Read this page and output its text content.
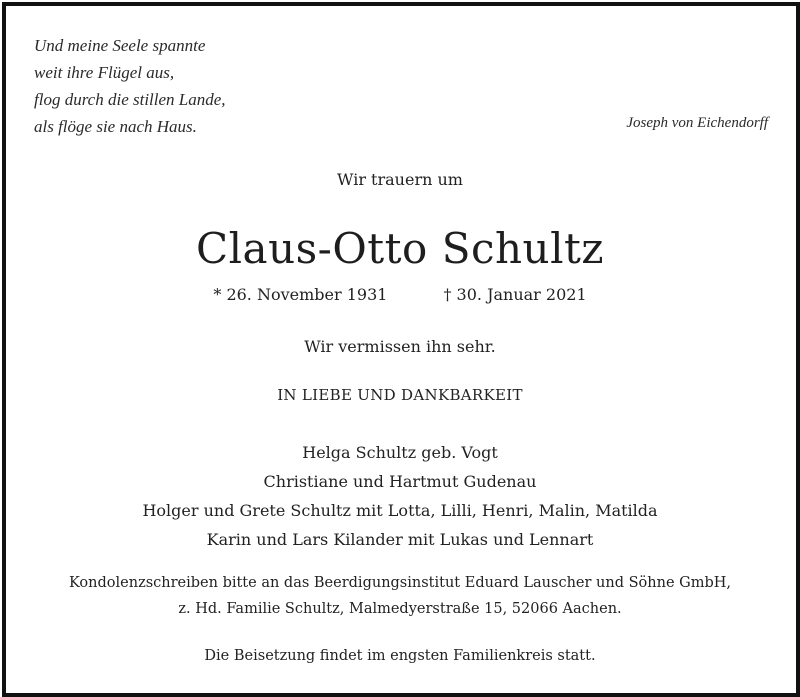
Und meine Seele spannte
weit ihre Flügel aus,
flog durch die stillen Lande,
als flöge sie nach Haus.	Joseph von Eichendorff
Wir trauern um
Claus-Otto Schultz
* 26. November 1931	† 30. Januar 2021
Wir vermissen ihn sehr.
IN LIEBE UND DANKBARKEIT
Helga Schultz geb. Vogt
Christiane und Hartmut Gudenau
Holger und Grete Schultz mit Lotta, Lilli, Henri, Malin, Matilda
Karin und Lars Kilander mit Lukas und Lennart
Kondolenzschreiben bitte an das Beerdigungsinstitut Eduard Lauscher und Söhne GmbH,
z. Hd. Familie Schultz, Malmedyerstraße 15, 52066 Aachen.
Die Beisetzung findet im engsten Familienkreis statt.
